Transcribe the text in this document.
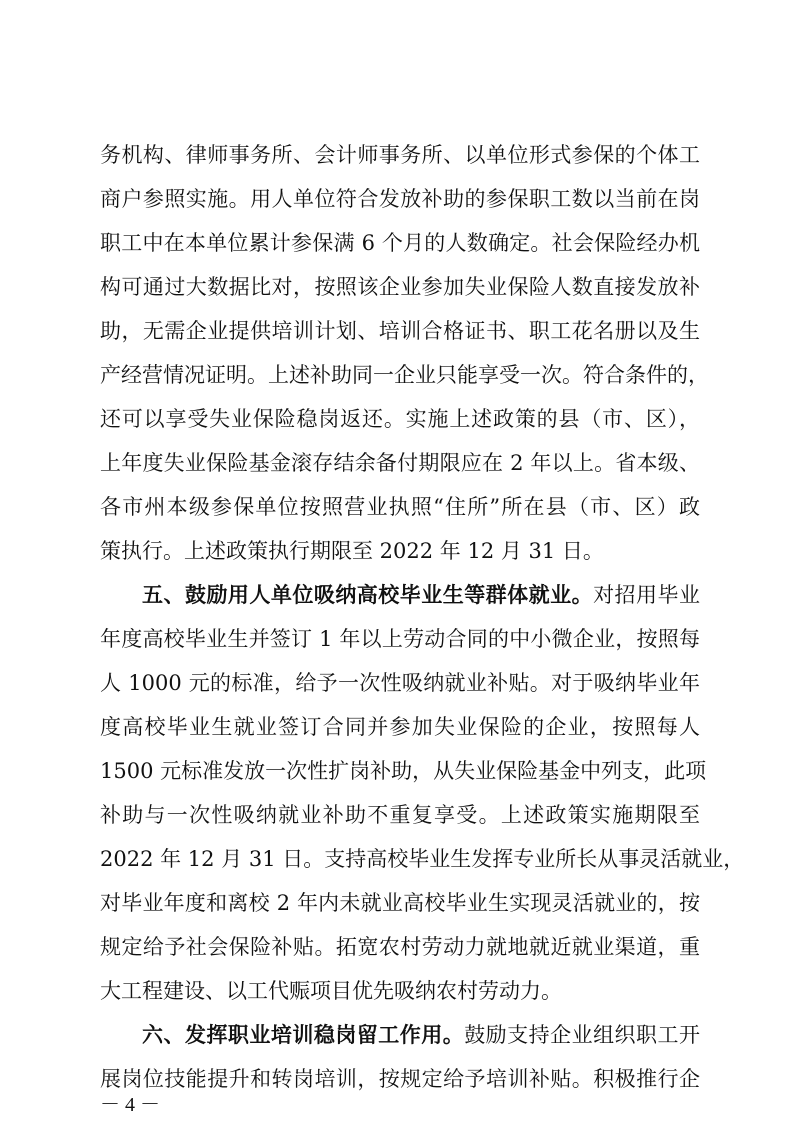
务机构、律师事务所、会计师事务所、以单位形式参保的个体工
商户参照实施。用人单位符合发放补助的参保职工数以当前在岗
职工中在本单位累计参保满 6 个月的人数确定。社会保险经办机
构可通过大数据比对，按照该企业参加失业保险人数直接发放补
助，无需企业提供培训计划、培训合格证书、职工花名册以及生
产经营情况证明。上述补助同一企业只能享受一次。符合条件的，
还可以享受失业保险稳岗返还。实施上述政策的县（市、区），
上年度失业保险基金滚存结余备付期限应在 2 年以上。省本级、
各市州本级参保单位按照营业执照“住所”所在县（市、区）政
策执行。上述政策执行期限至 2022 年 12 月 31 日。
五、鼓励用人单位吸纳高校毕业生等群体就业。对招用毕业
年度高校毕业生并签订 1 年以上劳动合同的中小微企业，按照每
人 1000 元的标准，给予一次性吸纳就业补贴。对于吸纳毕业年
度高校毕业生就业签订合同并参加失业保险的企业，按照每人
1500 元标准发放一次性扩岗补助，从失业保险基金中列支，此项
补助与一次性吸纳就业补助不重复享受。上述政策实施期限至
2022 年 12 月 31 日。支持高校毕业生发挥专业所长从事灵活就业，
对毕业年度和离校 2 年内未就业高校毕业生实现灵活就业的，按
规定给予社会保险补贴。拓宽农村劳动力就地就近就业渠道，重
大工程建设、以工代赈项目优先吸纳农村劳动力。
六、发挥职业培训稳岗留工作用。鼓励支持企业组织职工开
展岗位技能提升和转岗培训，按规定给予培训补贴。积极推行企
－ 4 －
